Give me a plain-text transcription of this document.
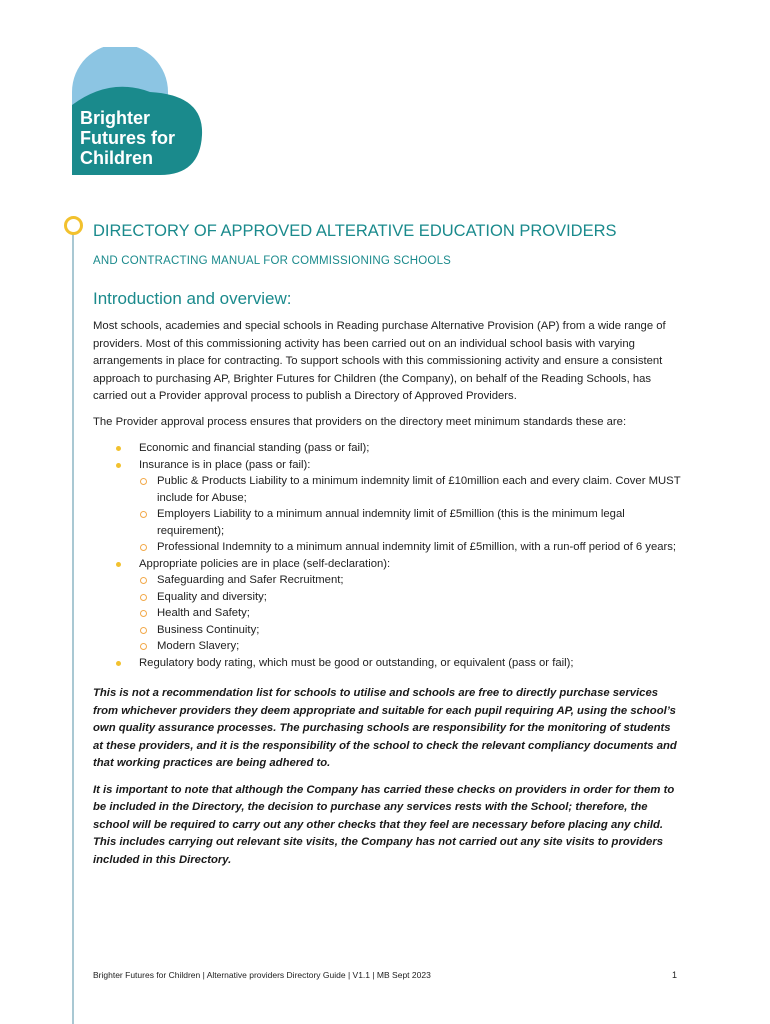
Brighter
Futures for
Children
DIRECTORY OF APPROVED ALTERATIVE EDUCATION PROVIDERS
AND CONTRACTING MANUAL FOR COMMISSIONING SCHOOLS
Introduction and overview:

Most schools, academies and special schools in Reading purchase Alternative Provision (AP) from a wide range of providers. Most of this commissioning activity has been carried out on an individual school basis with varying arrangements in place for contracting. To support schools with this commissioning activity and ensure a consistent approach to purchasing AP, Brighter Futures for Children (the Company), on behalf of the Reading Schools, has carried out a Provider approval process to publish a Directory of Approved Providers.

The Provider approval process ensures that providers on the directory meet minimum standards these are:

Economic and financial standing (pass or fail);
Insurance is in place (pass or fail):
Public & Products Liability to a minimum indemnity limit of £10million each and every claim. Cover MUST include for Abuse;
Employers Liability to a minimum annual indemnity limit of £5million (this is the minimum legal requirement);
Professional Indemnity to a minimum annual indemnity limit of £5million, with a run-off period of 6 years;
Appropriate policies are in place (self-declaration):
Safeguarding and Safer Recruitment;
Equality and diversity;
Health and Safety;
Business Continuity;
Modern Slavery;
Regulatory body rating, which must be good or outstanding, or equivalent (pass or fail);

This is not a recommendation list for schools to utilise and schools are free to directly purchase services from whichever providers they deem appropriate and suitable for each pupil requiring AP, using the school’s own quality assurance processes. The purchasing schools are responsibility for the monitoring of students at these providers, and it is the responsibility of the school to check the relevant compliancy documents and that working practices are being adhered to.

It is important to note that although the Company has carried these checks on providers in order for them to be included in the Directory, the decision to purchase any services rests with the School; therefore, the school will be required to carry out any other checks that they feel are necessary before placing any child. This includes carrying out relevant site visits, the Company has not carried out any site visits to providers included in this Directory.

Brighter Futures for Children | Alternative providers Directory Guide | V1.1 | MB Sept 2023	1
